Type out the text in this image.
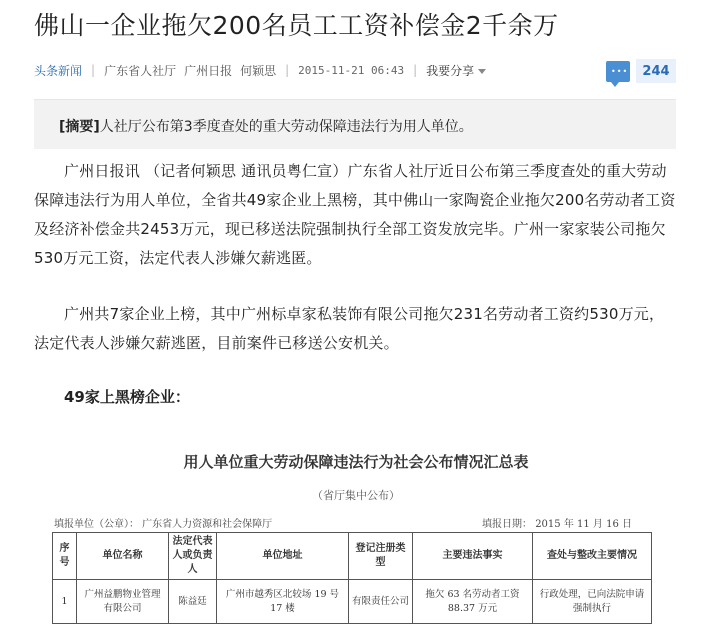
佛山一企业拖欠200名员工工资补偿金2千余万
头条新闻 | 广东省人社厅 广州日报 何颖思 | 2015-11-21 06:43 | 我要分享	•••	244
[摘要]人社厅公布第3季度查处的重大劳动保障违法行为用人单位。

广州日报讯 （记者何颖思 通讯员粤仁宣）广东省人社厅近日公布第三季度查处的重大劳动保障违法行为用人单位，全省共49家企业上黑榜，其中佛山一家陶瓷企业拖欠200名劳动者工资及经济补偿金共2453万元，现已移送法院强制执行全部工资发放完毕。广州一家家装公司拖欠530万元工资，法定代表人涉嫌欠薪逃匿。

广州共7家企业上榜，其中广州标卓家私装饰有限公司拖欠231名劳动者工资约530万元，法定代表人涉嫌欠薪逃匿，目前案件已移送公安机关。

49家上黑榜企业：
用人单位重大劳动保障违法行为社会公布情况汇总表
（省厅集中公布）
填报单位（公章）： 广东省人力资源和社会保障厅	填报日期： 2015 年 11 月 16 日
序号	单位名称	法定代表人或负责人	单位地址	登记注册类型	主要违法事实	查处与整改主要情况
1	广州益鹏物业管理有限公司	陈益廷	广州市越秀区北较场 19 号 17 楼	有限责任公司	拖欠 63 名劳动者工资 88.37 万元	行政处理，已向法院申请强制执行
